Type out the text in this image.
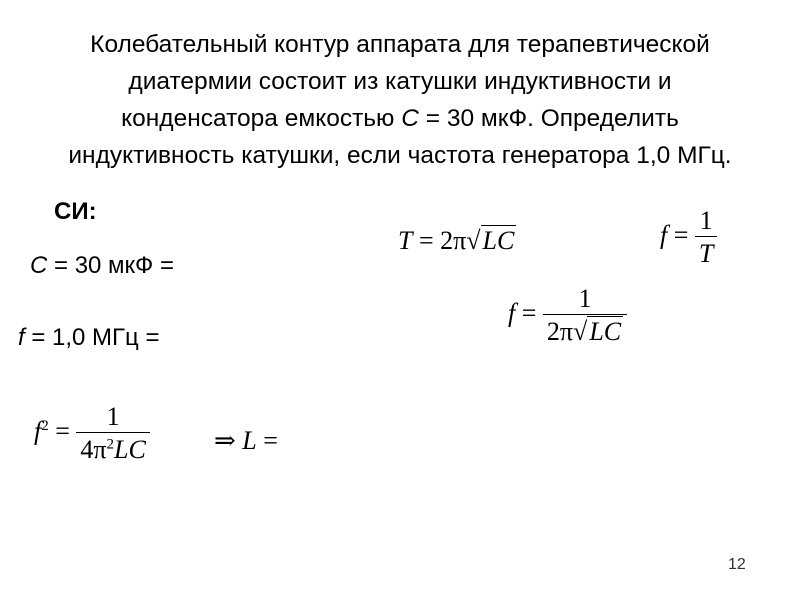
Колебательный контур аппарата для терапевтической
диатермии состоит из катушки индуктивности и
конденсатора емкостью C = 30 мкФ. Определить
индуктивность катушки, если частота генератора 1,0 МГц.
СИ:
C = 30 мкФ =
f = 1,0 МГц =
T = 2π√LC	$f = \frac{1}{T}$
$f = \frac{1}{2\pi√LC}$
$f^2 = \frac{1}{4\pi^2LC}$ ⇒ L =
12
